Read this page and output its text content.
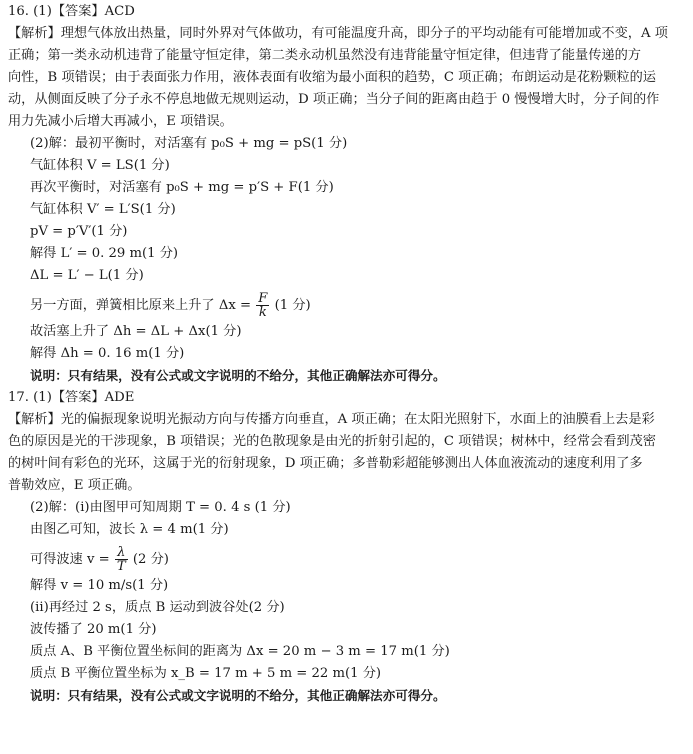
16. (1)【答案】ACD
【解析】理想气体放出热量，同时外界对气体做功，有可能温度升高，即分子的平均动能有可能增加或不变，A 项
正确；第一类永动机违背了能量守恒定律，第二类永动机虽然没有违背能量守恒定律，但违背了能量传递的方
向性，B 项错误；由于表面张力作用，液体表面有收缩为最小面积的趋势，C 项正确；布朗运动是花粉颗粒的运
动，从侧面反映了分子永不停息地做无规则运动，D 项正确；当分子间的距离由趋于 0 慢慢增大时，分子间的作
用力先减小后增大再减小，E 项错误。
(2)解：最初平衡时，对活塞有 p₀S + mg = pS(1 分)
气缸体积 V = LS(1 分)
再次平衡时，对活塞有 p₀S + mg = p′S + F(1 分)
气缸体积 V′ = L′S(1 分)
pV = p′V′(1 分)
解得 L′ = 0. 29 m(1 分)
ΔL = L′ − L(1 分)
另一方面，弹簧相比原来上升了 $\Delta x = \frac{F}{k} (1$ 分)
故活塞上升了 Δh = ΔL + Δx(1 分)
解得 Δh = 0. 16 m(1 分)
说明：只有结果，没有公式或文字说明的不给分，其他正确解法亦可得分。
17. (1)【答案】ADE
【解析】光的偏振现象说明光振动方向与传播方向垂直，A 项正确；在太阳光照射下，水面上的油膜看上去是彩
色的原因是光的干涉现象，B 项错误；光的色散现象是由光的折射引起的，C 项错误；树林中，经常会看到茂密
的树叶间有彩色的光环，这属于光的衍射现象，D 项正确；多普勒彩超能够测出人体血液流动的速度利用了多
普勒效应，E 项正确。
(2)解：(i)由图甲可知周期 T = 0. 4 s (1 分)
由图乙可知，波长 λ = 4 m(1 分)
可得波速 $v = \frac{\lambda}{T} (2$ 分)
解得 v = 10 m/s(1 分)
(ii)再经过 2 s，质点 B 运动到波谷处(2 分)
波传播了 20 m(1 分)
质点 A、B 平衡位置坐标间的距离为 Δx = 20 m − 3 m = 17 m(1 分)
质点 B 平衡位置坐标为 x_B = 17 m + 5 m = 22 m(1 分)
说明：只有结果，没有公式或文字说明的不给分，其他正确解法亦可得分。
